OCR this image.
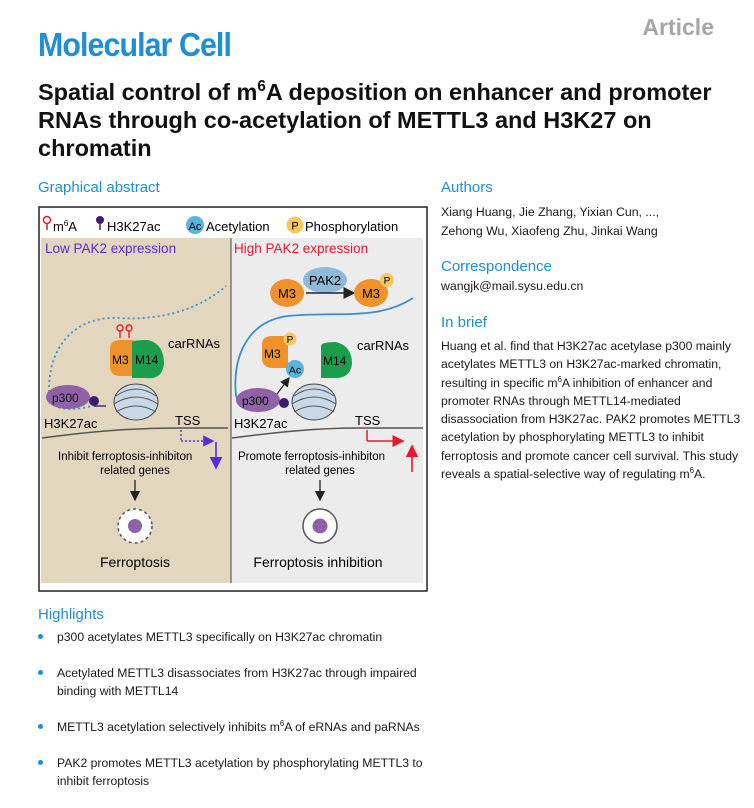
Molecular Cell	Article
Spatial control of $m^6A$ deposition on enhancer and promoter RNAs through co-acetylation of METTL3 and H3K27 on chromatin
Graphical abstract	Authors
Xiang Huang, Jie Zhang, Yixian Cun, ...,
Zehong Wu, Xiaofeng Zhu, Jinkai Wang
Correspondence
wangjk@mail.sysu.edu.cn
In brief
Huang et al. find that H3K27ac acetylase p300 mainly acetylates METTL3 on H3K27ac-marked chromatin, resulting in specific $m^6A$ inhibition of enhancer and promoter RNAs through METTL14-mediated disassociation from H3K27ac. PAK2 promotes METTL3 acetylation by phosphorylating METTL3 to inhibit ferroptosis and promote cancer cell survival. This study reveals a spatial-selective way of regulating $m^6A$.
Highlights
p300 acetylates METTL3 specifically on H3K27ac chromatin
Acetylated METTL3 disassociates from H3K27ac through impaired binding with METTL14
METTL3 acetylation selectively inhibits $m^6A$ of eRNAs and paRNAs
PAK2 promotes METTL3 acetylation by phosphorylating METTL3 to inhibit ferroptosis
$m^6A$ H3K27ac	Ac Acetylation P Phosphorylation
Low PAK2 expression
M3 M14
carRNAs
p300
H3K27ac	TSS
Inhibit ferroptosis-inhibiton
related genes
Ferroptosis
High PAK2 expression
PAK2
M3	M3
P
M3
P
Ac
M14
carRNAs
p300
H3K27ac	TSS
Promote ferroptosis-inhibiton
related genes
Ferroptosis inhibition
